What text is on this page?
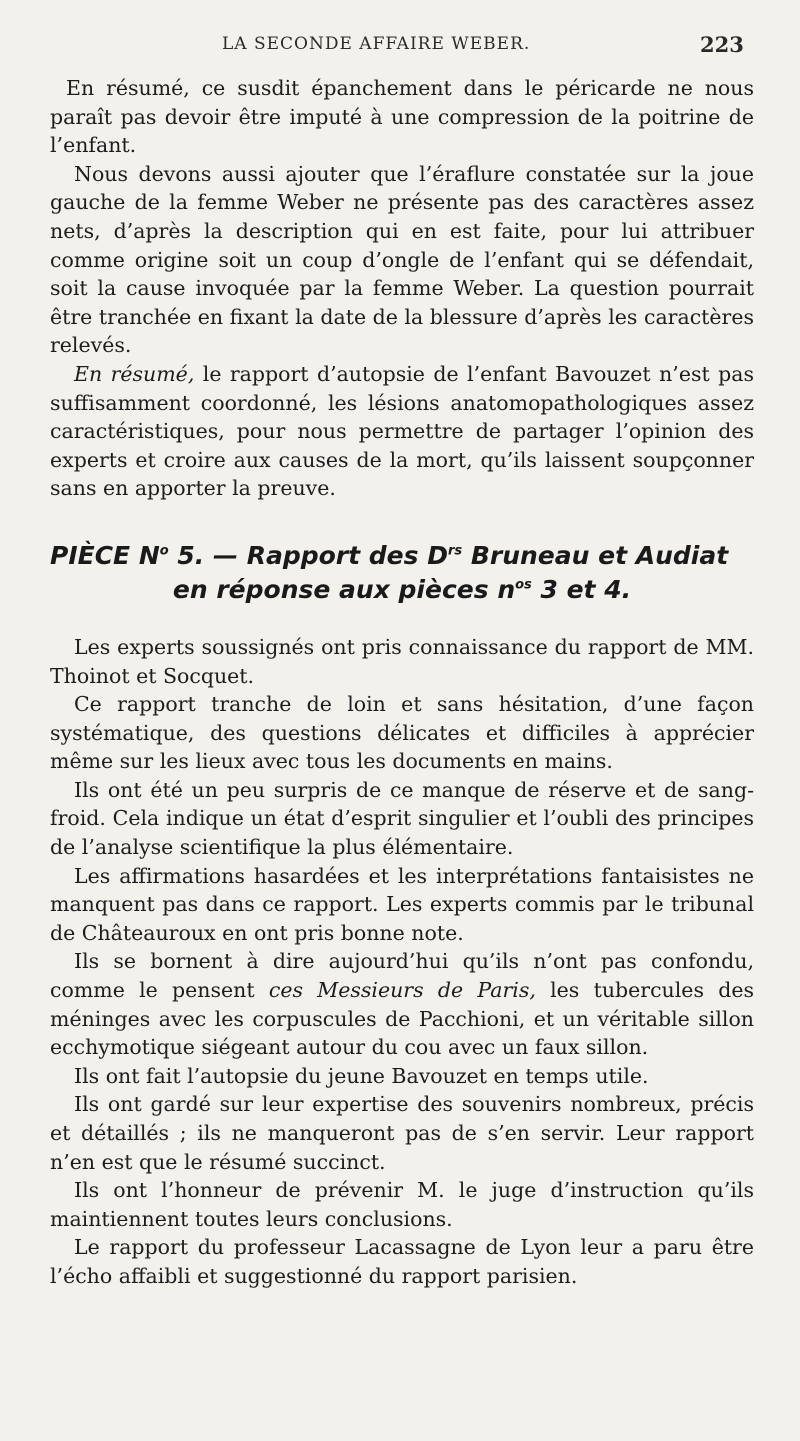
LA SECONDE AFFAIRE WEBER.	223

En résumé, ce susdit épanchement dans le péricarde ne nous paraît pas devoir être imputé à une compression de la poitrine de l’enfant.

Nous devons aussi ajouter que l’éraflure constatée sur la joue gauche de la femme Weber ne présente pas des caractères assez nets, d’après la description qui en est faite, pour lui attribuer comme origine soit un coup d’ongle de l’enfant qui se défendait, soit la cause invoquée par la femme Weber. La question pourrait être tranchée en fixant la date de la blessure d’après les caractères relevés.

En résumé, le rapport d’autopsie de l’enfant Bavouzet n’est pas suffisamment coordonné, les lésions anatomopathologiques assez caractéristiques, pour nous permettre de partager l’opinion des experts et croire aux causes de la mort, qu’ils laissent soupçonner sans en apporter la preuve.

PIÈCE $N^o$ 5. — Rapport des $D^{rs}$ Bruneau et Audiat
en réponse aux pièces $n^{os}$ 3 et 4.

Les experts soussignés ont pris connaissance du rapport de MM. Thoinot et Socquet.

Ce rapport tranche de loin et sans hésitation, d’une façon systématique, des questions délicates et difficiles à apprécier même sur les lieux avec tous les documents en mains.

Ils ont été un peu surpris de ce manque de réserve et de sang-froid. Cela indique un état d’esprit singulier et l’oubli des principes de l’analyse scientifique la plus élémentaire.

Les affirmations hasardées et les interprétations fantaisistes ne manquent pas dans ce rapport. Les experts commis par le tribunal de Châteauroux en ont pris bonne note.

Ils se bornent à dire aujourd’hui qu’ils n’ont pas confondu, comme le pensent ces Messieurs de Paris, les tubercules des méninges avec les corpuscules de Pacchioni, et un véritable sillon ecchymotique siégeant autour du cou avec un faux sillon.

Ils ont fait l’autopsie du jeune Bavouzet en temps utile.

Ils ont gardé sur leur expertise des souvenirs nombreux, précis et détaillés ; ils ne manqueront pas de s’en servir. Leur rapport n’en est que le résumé succinct.

Ils ont l’honneur de prévenir M. le juge d’instruction qu’ils maintiennent toutes leurs conclusions.

Le rapport du professeur Lacassagne de Lyon leur a paru être l’écho affaibli et suggestionné du rapport parisien.
